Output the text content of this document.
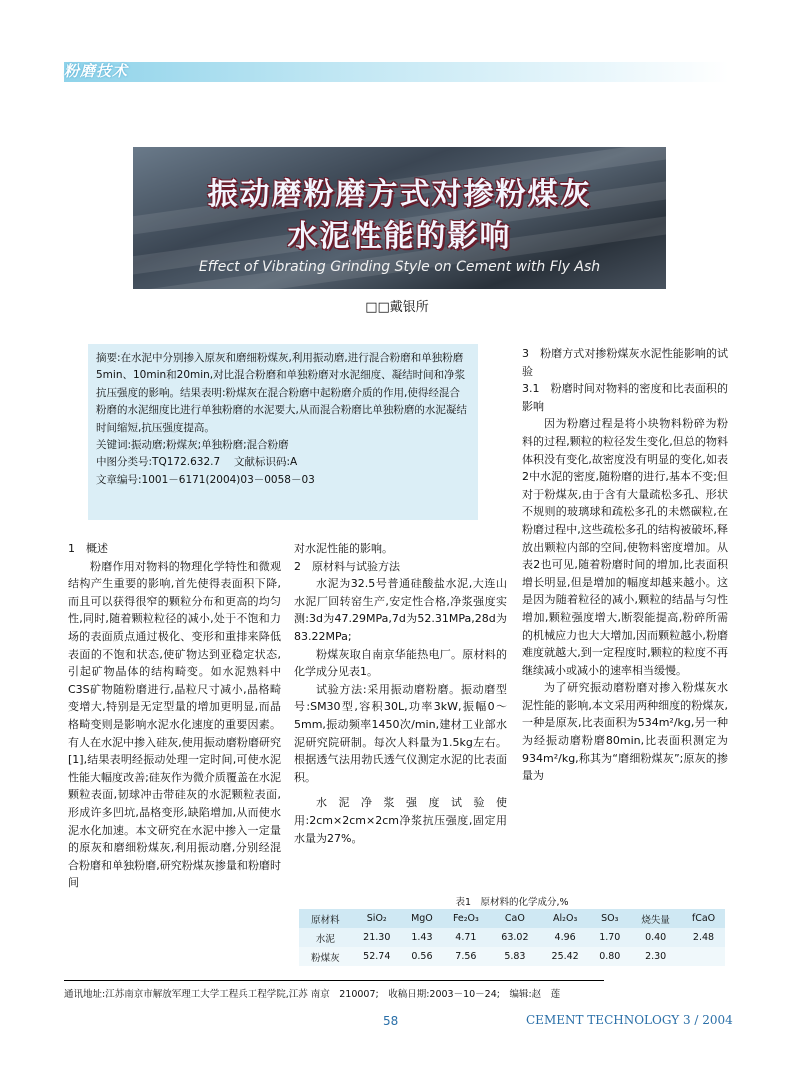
粉磨技术
振动磨粉磨方式对掺粉煤灰
水泥性能的影响
Effect of Vibrating Grinding Style on Cement with Fly Ash
□□戴银所

摘要:在水泥中分别掺入原灰和磨细粉煤灰,利用振动磨,进行混合粉磨和单独粉磨5min、10min和20min,对比混合粉磨和单独粉磨对水泥细度、凝结时间和净浆抗压强度的影响。结果表明:粉煤灰在混合粉磨中起粉磨介质的作用,使得经混合粉磨的水泥细度比进行单独粉磨的水泥要大,从而混合粉磨比单独粉磨的水泥凝结时间缩短,抗压强度提高。

关键词:振动磨;粉煤灰;单独粉磨;混合粉磨

中图分类号:TQ172.632.7　 文献标识码:A

文章编号:1001－6171(2004)03－0058－03

1　概述

粉磨作用对物料的物理化学特性和微观结构产生重要的影响,首先使得表面积下降,而且可以获得很窄的颗粒分布和更高的均匀性,同时,随着颗粒粒径的减小,处于不饱和力场的表面质点通过极化、变形和重排来降低表面的不饱和状态,使矿物达到亚稳定状态,引起矿物晶体的结构畸变。如水泥熟料中C3S矿物随粉磨进行,晶粒尺寸减小,晶格畸变增大,特别是无定型量的增加更明显,而晶格畸变则是影响水泥水化速度的重要因素。有人在水泥中掺入硅灰,使用振动磨粉磨研究[1],结果表明经振动处理一定时间,可使水泥性能大幅度改善;硅灰作为微介质覆盖在水泥颗粒表面,韧球冲击带硅灰的水泥颗粒表面,形成许多凹坑,晶格变形,缺陷增加,从而使水泥水化加速。本文研究在水泥中掺入一定量的原灰和磨细粉煤灰,利用振动磨,分别经混合粉磨和单独粉磨,研究粉煤灰掺量和粉磨时间

对水泥性能的影响。

2　原材料与试验方法

水泥为32.5号普通硅酸盐水泥,大连山水泥厂回转窑生产,安定性合格,净浆强度实测:3d为47.29MPa,7d为52.31MPa,28d为83.22MPa;

粉煤灰取自南京华能热电厂。原材料的化学成分见表1。

试验方法:采用振动磨粉磨。振动磨型号:SM30型,容积30L,功率3kW,振幅0～5mm,振动频率1450次/min,建材工业部水泥研究院研制。每次人料量为1.5kg左右。根据透气法用勃氏透气仪测定水泥的比表面积。

水泥净浆强度试验使用:2cm×2cm×2cm净浆抗压强度,固定用水量为27%。

3　粉磨方式对掺粉煤灰水泥性能影响的试验

3.1　粉磨时间对物料的密度和比表面积的影响

因为粉磨过程是将小块物料粉碎为粉料的过程,颗粒的粒径发生变化,但总的物料体积没有变化,故密度没有明显的变化,如表2中水泥的密度,随粉磨的进行,基本不变;但对于粉煤灰,由于含有大量疏松多孔、形状不规则的玻璃球和疏松多孔的未燃碳粒,在粉磨过程中,这些疏松多孔的结构被破坏,释放出颗粒内部的空间,使物料密度增加。从表2也可见,随着粉磨时间的增加,比表面积增长明显,但是增加的幅度却越来越小。这是因为随着粒径的减小,颗粒的结晶与匀性增加,颗粒强度增大,断裂能提高,粉碎所需的机械应力也大大增加,因而颗粒越小,粉磨难度就越大,到一定程度时,颗粒的粒度不再继续减小或减小的速率相当缓慢。

为了研究振动磨粉磨对掺入粉煤灰水泥性能的影响,本文采用两种细度的粉煤灰,一种是原灰,比表面积为534m²/kg,另一种为经振动磨粉磨80min,比表面积测定为934m²/kg,称其为“磨细粉煤灰”;原灰的掺量为

表1　原材料的化学成分,%
原材料	SiO₂	MgO	Fe₂O₃	CaO	Al₂O₃	SO₃	烧失量	fCaO
水泥	21.30	1.43	4.71	63.02	4.96	1.70	0.40	2.48
粉煤灰	52.74	0.56	7.56	5.83	25.42	0.80	2.30	
通讯地址:江苏南京市解放军理工大学工程兵工程学院,江苏 南京　210007;　收稿日期:2003－10－24;　编辑:赵　莲
58	CEMENT TECHNOLOGY 3 / 2004
